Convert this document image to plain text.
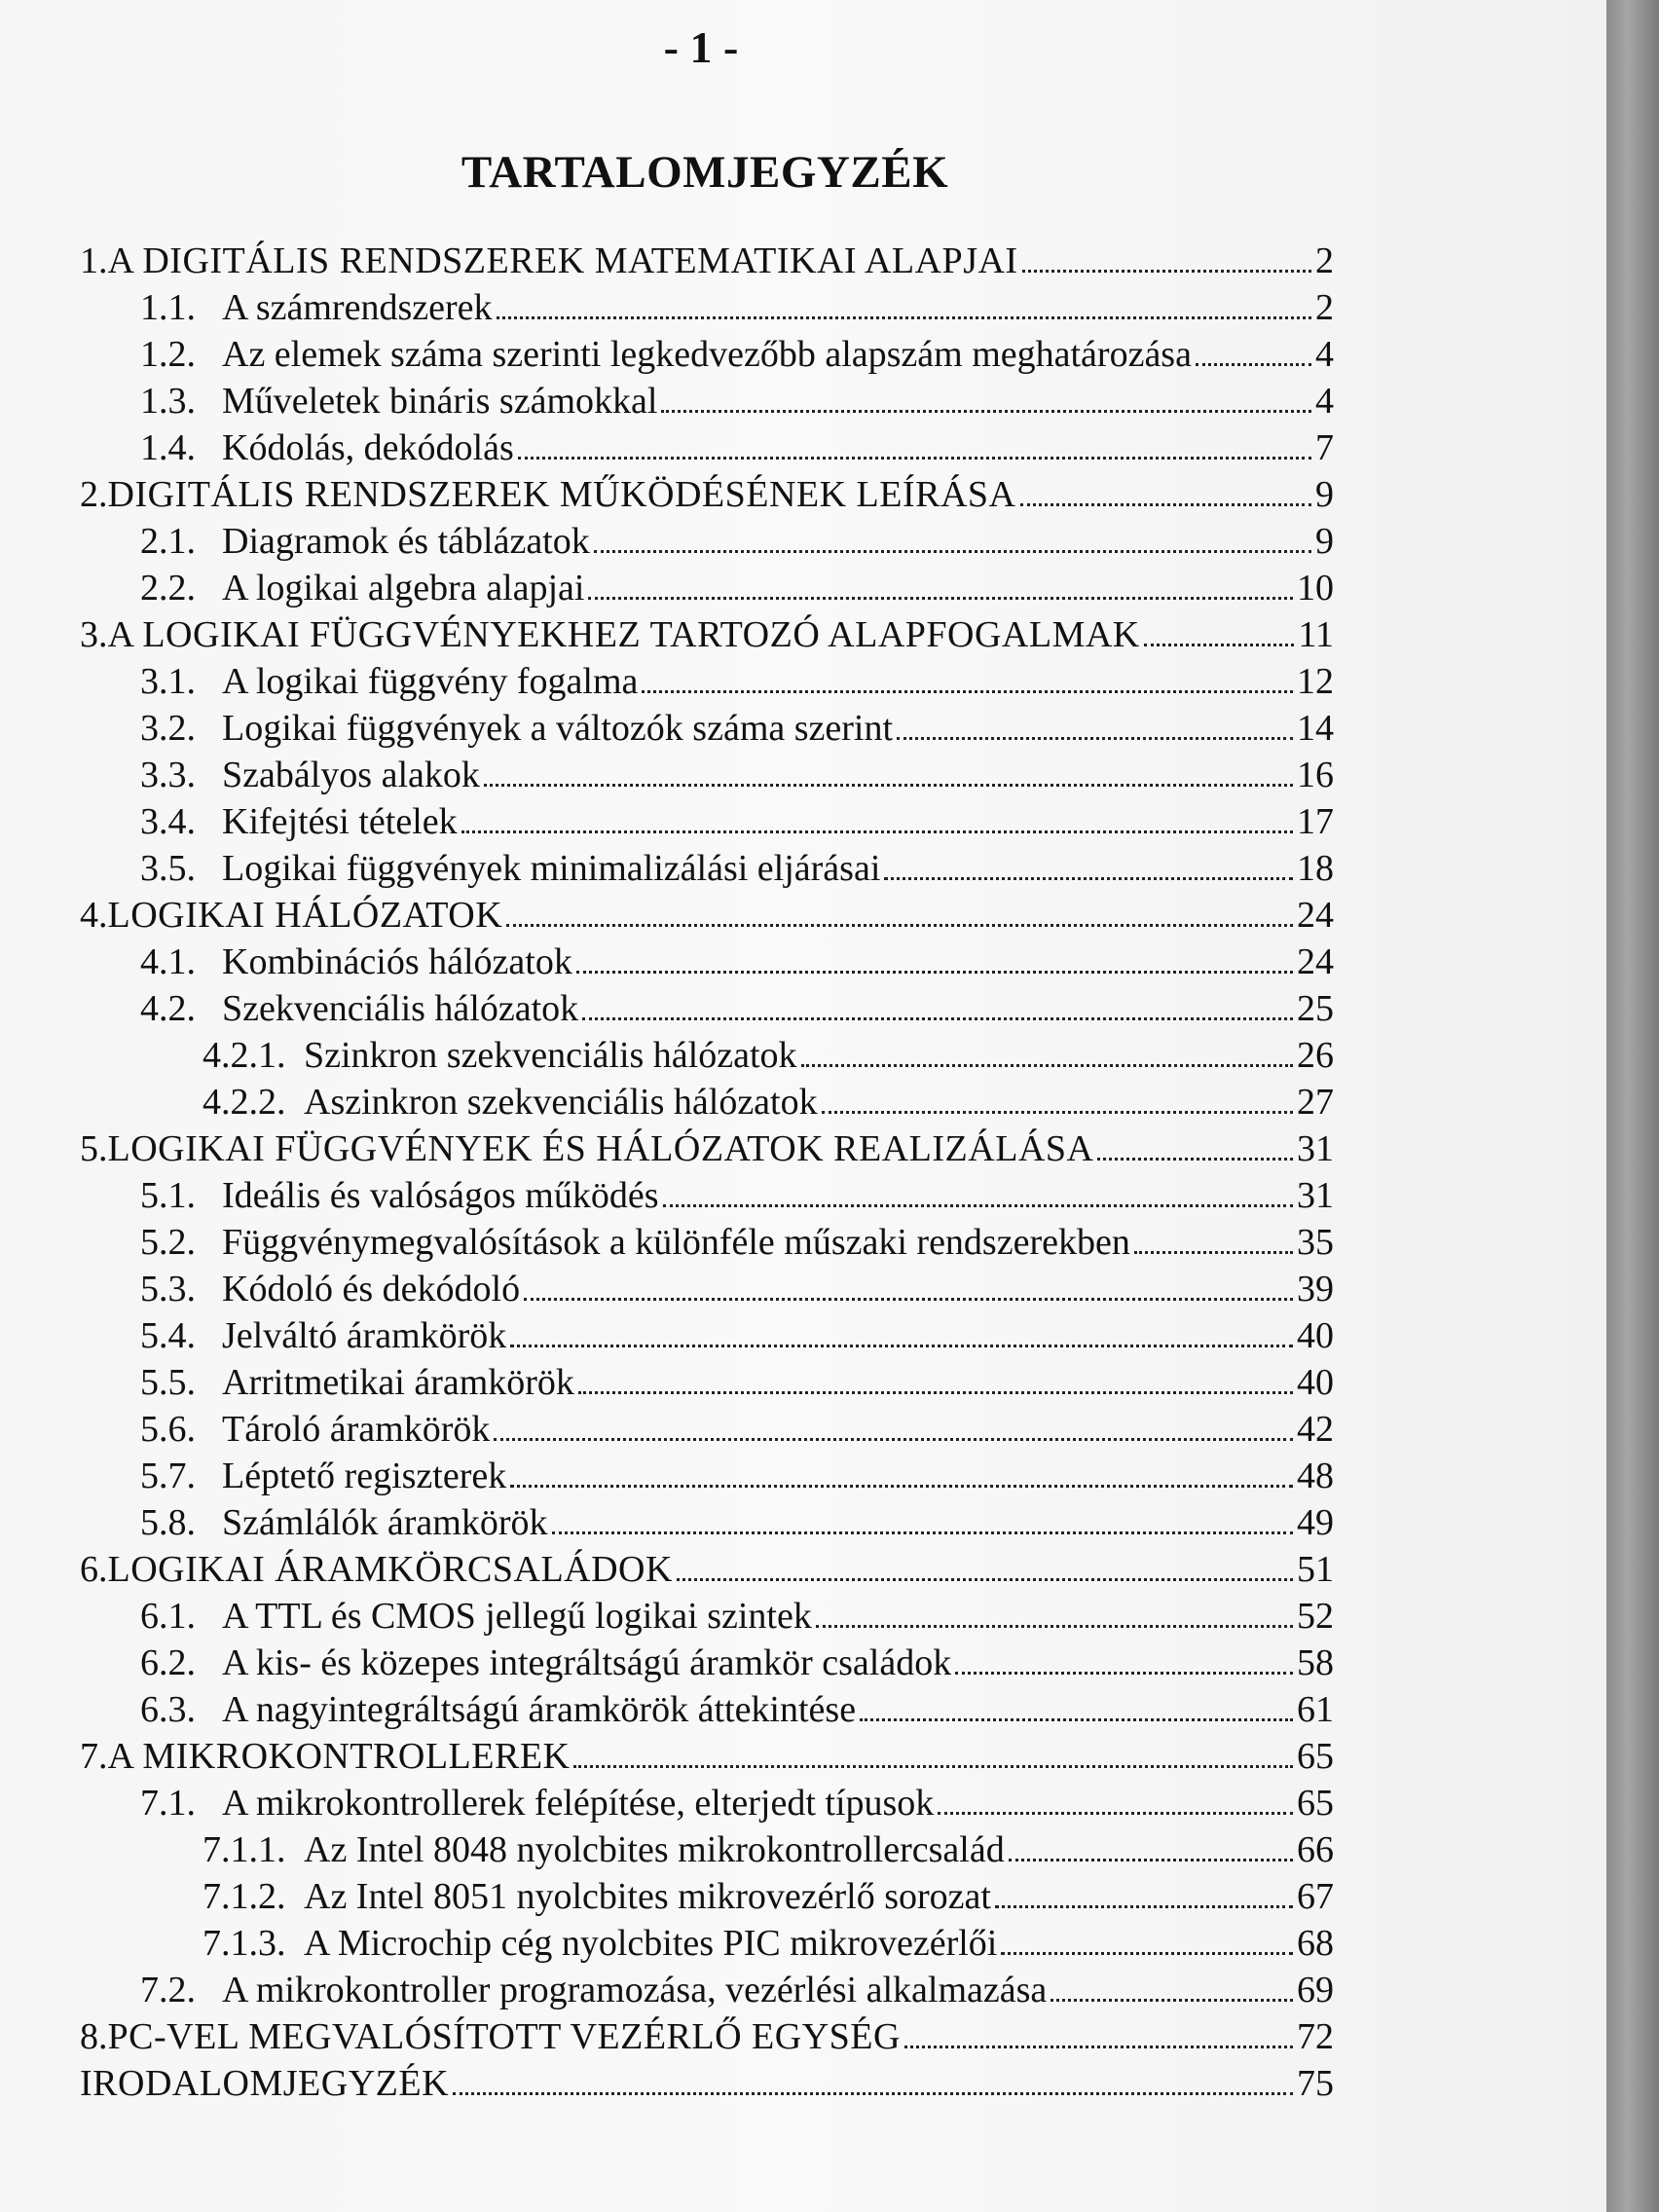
- 1 -
TARTALOMJEGYZÉK
1. A DIGITÁLIS RENDSZEREK MATEMATIKAI ALAPJAI	2
1.1. A számrendszerek	2
1.2. Az elemek száma szerinti legkedvezőbb alapszám meghatározása	4
1.3. Műveletek bináris számokkal	4
1.4. Kódolás, dekódolás	7
2. DIGITÁLIS RENDSZEREK MŰKÖDÉSÉNEK LEÍRÁSA	9
2.1. Diagramok és táblázatok	9
2.2. A logikai algebra alapjai	10
3. A LOGIKAI FÜGGVÉNYEKHEZ TARTOZÓ ALAPFOGALMAK	11
3.1. A logikai függvény fogalma	12
3.2. Logikai függvények a változók száma szerint	14
3.3. Szabályos alakok	16
3.4. Kifejtési tételek	17
3.5. Logikai függvények minimalizálási eljárásai	18
4. LOGIKAI HÁLÓZATOK	24
4.1. Kombinációs hálózatok	24
4.2. Szekvenciális hálózatok	25
4.2.1. Szinkron szekvenciális hálózatok	26
4.2.2. Aszinkron szekvenciális hálózatok	27
5. LOGIKAI FÜGGVÉNYEK ÉS HÁLÓZATOK REALIZÁLÁSA	31
5.1. Ideális és valóságos működés	31
5.2. Függvénymegvalósítások a különféle műszaki rendszerekben	35
5.3. Kódoló és dekódoló	39
5.4. Jelváltó áramkörök	40
5.5. Arritmetikai áramkörök	40
5.6. Tároló áramkörök	42
5.7. Léptető regiszterek	48
5.8. Számlálók áramkörök	49
6. LOGIKAI ÁRAMKÖRCSALÁDOK	51
6.1. A TTL és CMOS jellegű logikai szintek	52
6.2. A kis- és közepes integráltságú áramkör családok	58
6.3. A nagyintegráltságú áramkörök áttekintése	61
7. A MIKROKONTROLLEREK	65
7.1. A mikrokontrollerek felépítése, elterjedt típusok	65
7.1.1. Az Intel 8048 nyolcbites mikrokontrollercsalád	66
7.1.2. Az Intel 8051 nyolcbites mikrovezérlő sorozat	67
7.1.3. A Microchip cég nyolcbites PIC mikrovezérlői	68
7.2. A mikrokontroller programozása, vezérlési alkalmazása	69
8. PC-VEL MEGVALÓSÍTOTT VEZÉRLŐ EGYSÉG	72
IRODALOMJEGYZÉK	75
